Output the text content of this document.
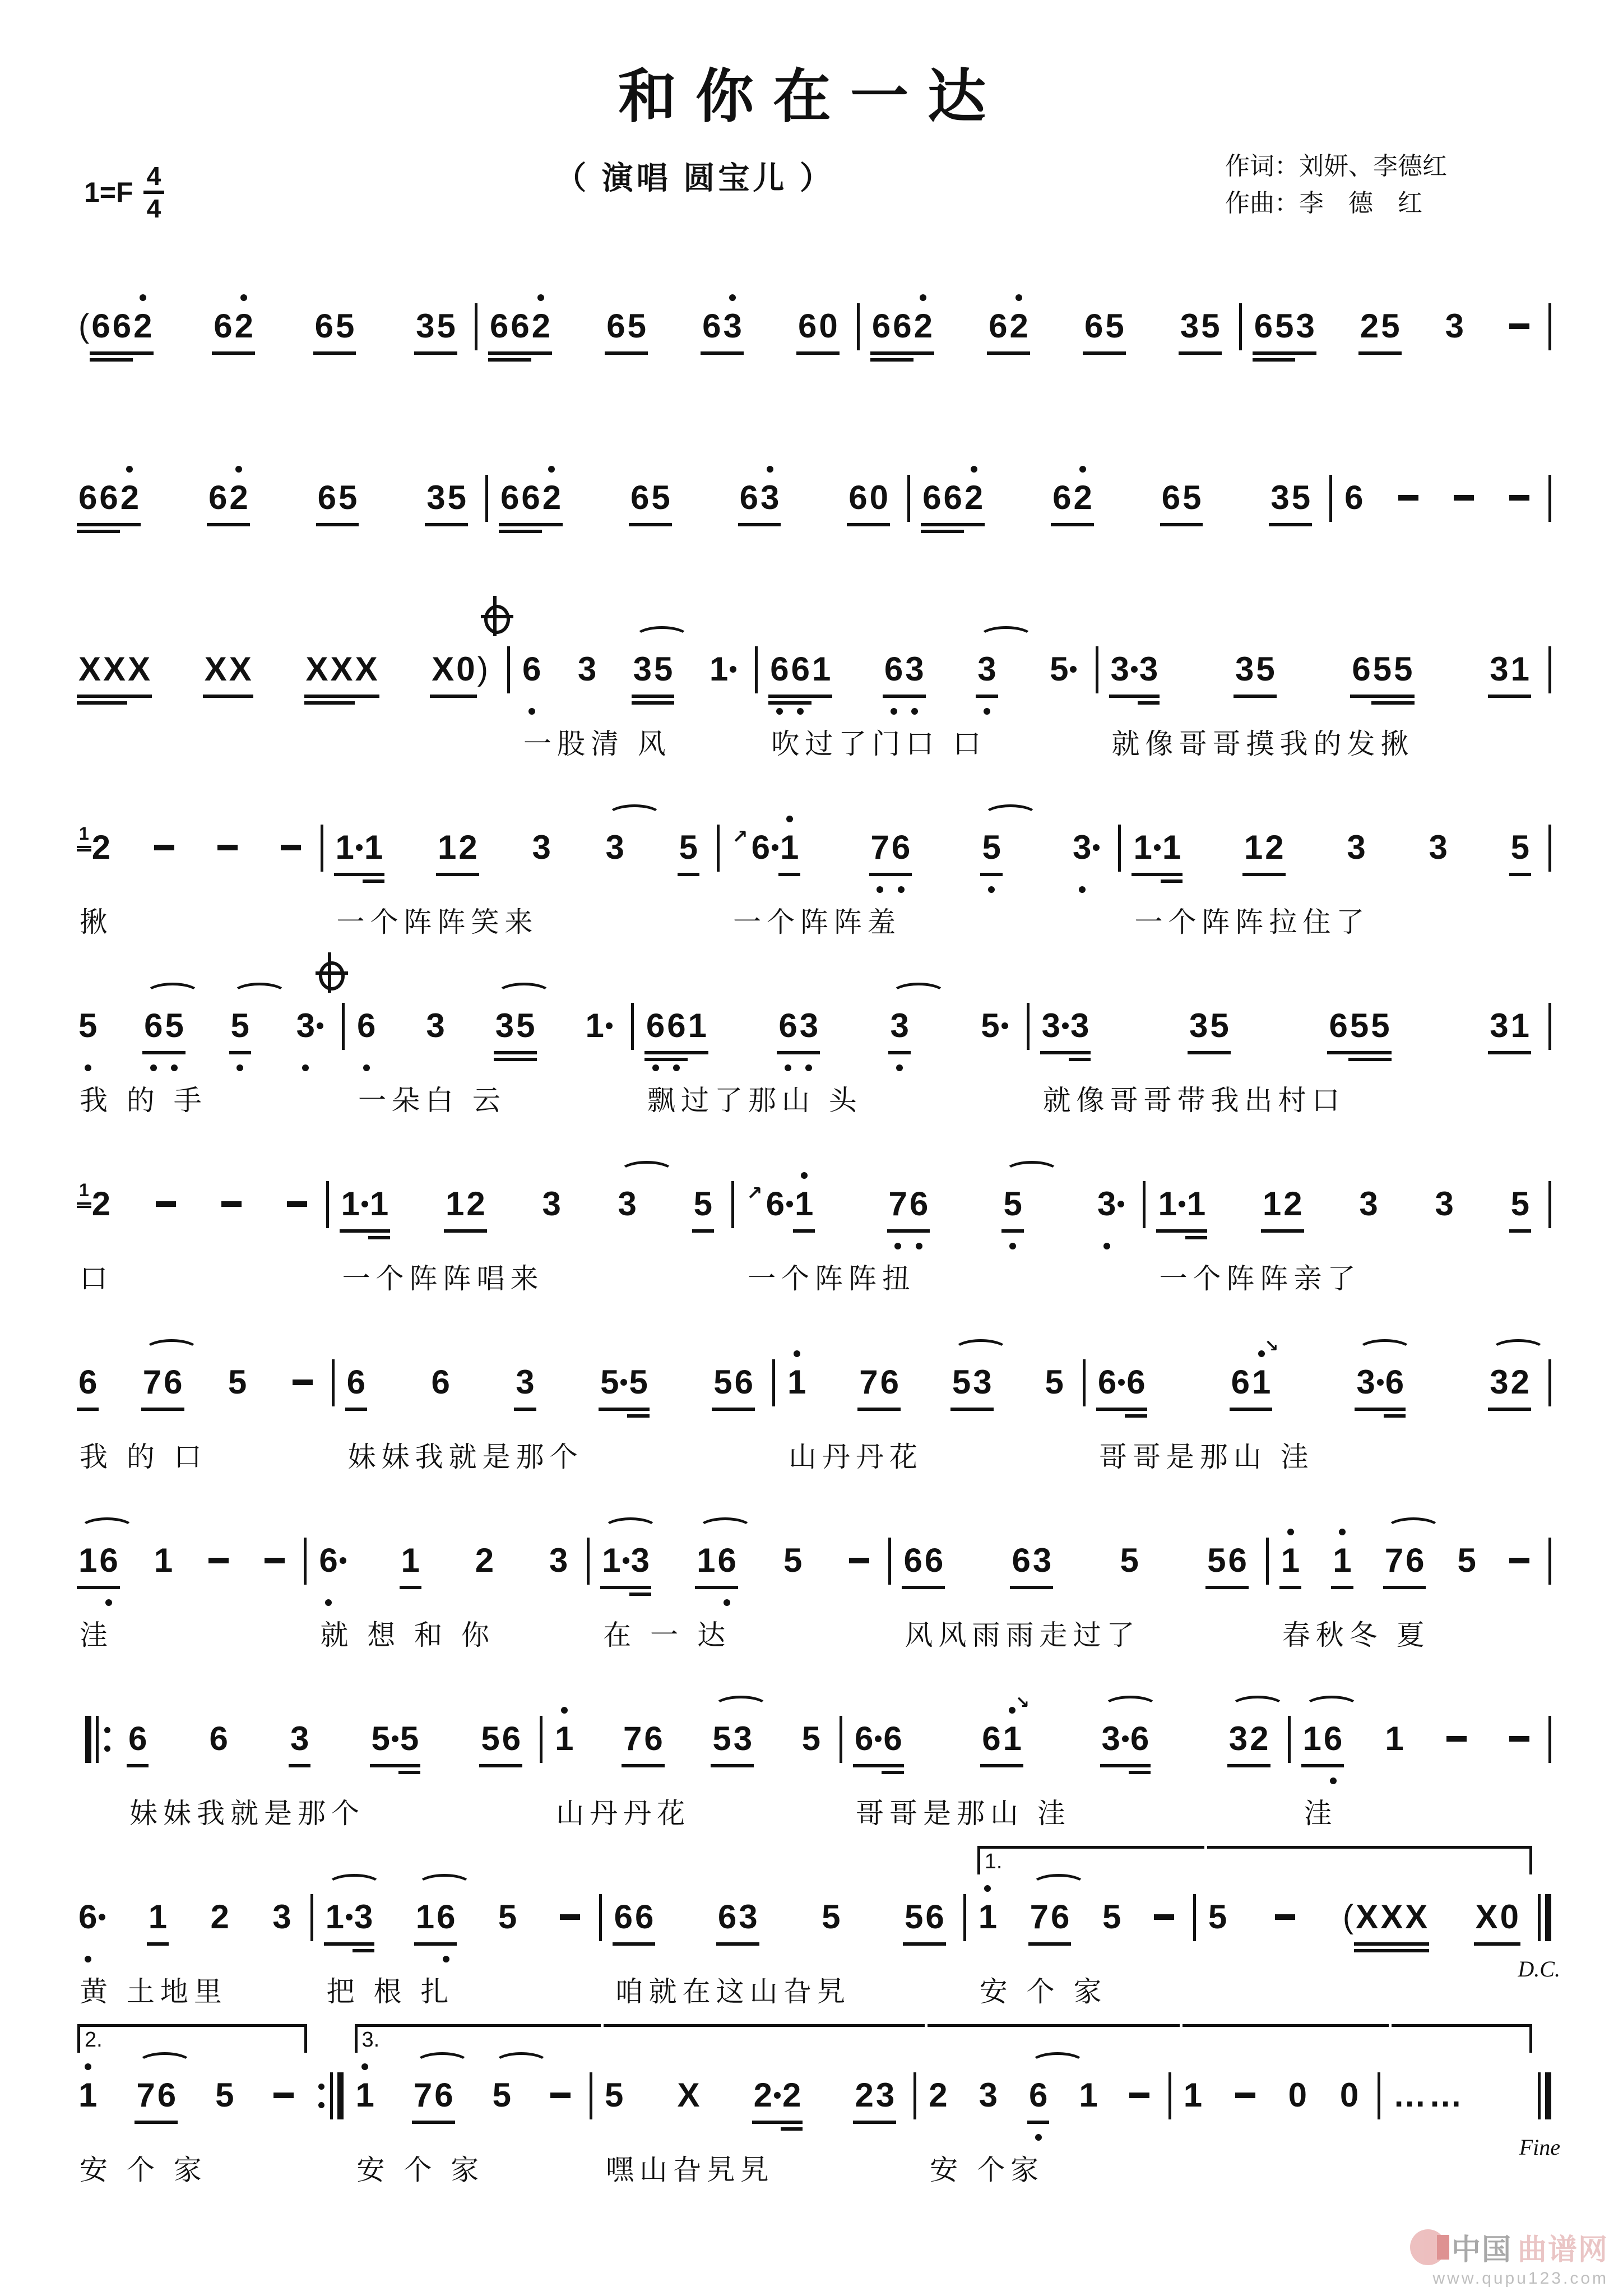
和你在一达
$1=F \frac{4}{4}$	（ 演唱 圆宝儿 ）	作词：刘妍、李德红
作曲：李　德　红
( 6 6 2 6 2 6 5 3 5 6 6 2 6 5 6 3 6 0 6 6 2 6 2 6 5 3 5 6 5 3 2 5 3
6 6 2 6 2 6 5 3 5 6 6 2 6 5 6 3 6 0 6 6 2 6 2 6 5 3 5 6
X X X X X X X X X 0 ) 6 3 3 5 1
一股清 风
6 6 1 6 3 3 5
吹过了门口 口
3 3 3 5 6 5 5 3 1
就像哥哥摸我的发揪
1 2
揪
1 1 1 2 3 3 5
一个阵阵笑来
↗ 6 1 7 6 5 3
一个阵阵羞
1 1 1 2 3 3 5
一个阵阵拉住了
5 6 5 5 3
我 的 手
6 3 3 5 1
一朵白 云
6 6 1 6 3 3 5
飘过了那山 头
3 3	3 5	6 5 5	3 1
就像哥哥带我出村口
1 2
口
1 1 1 2 3 3 5
一个阵阵唱来
↗ 6 1 7 6 5 3
一个阵阵扭
1 1 1 2 3 3 5
一个阵阵亲了
6 7 6 5
我 的 口
6 6 3 5 5 5 6
妹妹我就是那个
1 7 6 5 3 5
山丹丹花
6 6	6 1
↘
3 6	3 2
哥哥是那山 洼
1 6 1
洼
6 1 2 3
就 想 和 你
1 3 1 6 5
在 一 达
6 6 6 3 5 5 6
风风雨雨走过了
1 1 7 6 5
春秋冬 夏
6 6 3 5 5 5 6
妹妹我就是那个
1 7 6 5 3 5
山丹丹花
6 6 6 1
↘
3 6 3 2
哥哥是那山 洼
1 6 1
洼
6 1 2 3
黄 土地里
1 3 1 6 5
把 根 扎
6 6 6 3 5 5 6
咱就在这山旮旯
1.
1 7 6 5
安 个 家
5	( X X X X 0
D.C.
2.
1 7 6 5
安 个 家
3.
1 7 6 5
安 个 家
5 X 2 2 2 3
嘿山旮旯旯
2 3 6 1
安 个家
1	0 0 … …
Fine
中国 曲谱网
www.qupu123.com
